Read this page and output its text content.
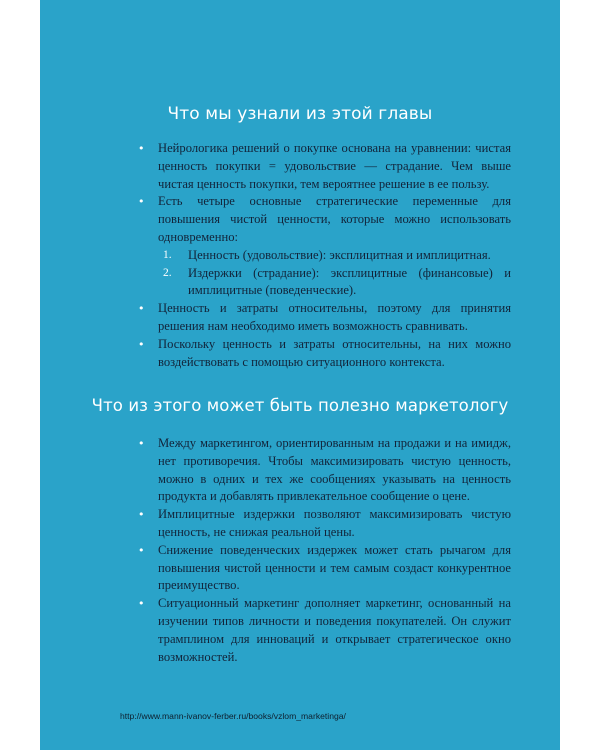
Что мы узнали из этой главы
• Нейрологика решений о покупке основана на уравнении: чистая ценность покупки = удовольствие — страдание. Чем выше чистая ценность покупки, тем вероятнее решение в ее пользу.
• Есть четыре основные стратегические переменные для повышения чистой ценности, которые можно использовать одновременно:
1. Ценность (удовольствие): эксплицитная и имплицитная.
2. Издержки (страдание): эксплицитные (финансовые) и имплицитные (поведенческие).
• Ценность и затраты относительны, поэтому для принятия решения нам необходимо иметь возможность сравнивать.
• Поскольку ценность и затраты относительны, на них можно воздействовать с помощью ситуационного контекста.
Что из этого может быть полезно маркетологу
• Между маркетингом, ориентированным на продажи и на имидж, нет противоречия. Чтобы максимизировать чистую ценность, можно в одних и тех же сообщениях указывать на ценность продукта и добавлять привлекательное сообщение о цене.
• Имплицитные издержки позволяют максимизировать чистую ценность, не снижая реальной цены.
• Снижение поведенческих издержек может стать рычагом для повышения чистой ценности и тем самым создаст конкурентное преимущество.
• Ситуационный маркетинг дополняет маркетинг, основанный на изучении типов личности и поведения покупателей. Он служит трамплином для инноваций и открывает стратегическое окно возможностей.
http://www.mann-ivanov-ferber.ru/books/vzlom_marketinga/
